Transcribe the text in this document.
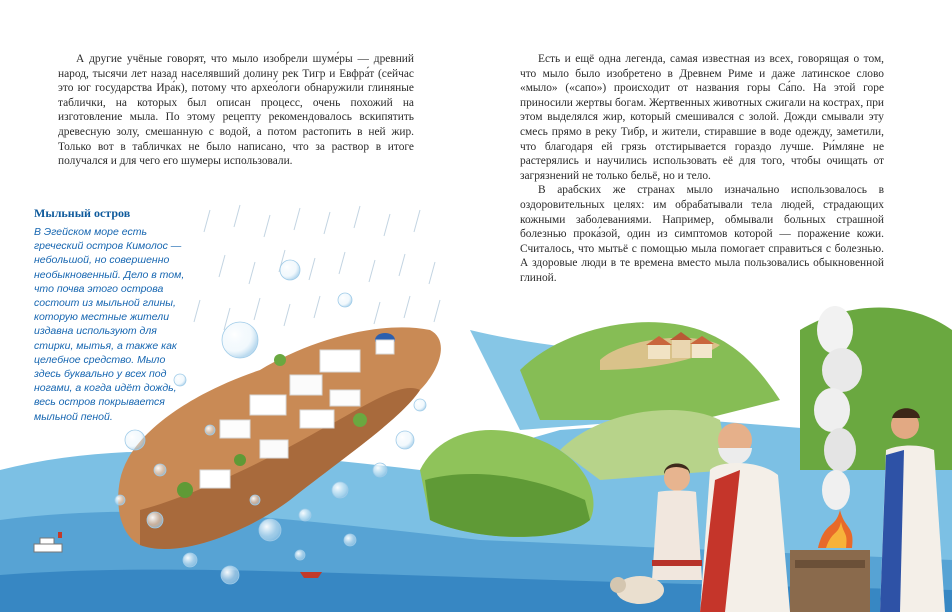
А другие учёные говорят, что мыло изобрели шуме́ры — древний народ, тысячи лет назад населявший долину рек Тигр и Евфра́т (сейчас это юг государства Ира́к), потому что архео́логи обнаружили глиняные таблички, на которых был описан процесс, очень похожий на изготовление мыла. По этому рецепту рекомендовалось вскипятить древесную золу, смешанную с водой, а потом растопить в ней жир. Только вот в табличках не было написано, что за раствор в итоге получался и для чего его шумеры использовали.

Мыльный остров
В Эгейском море есть греческий остров Кимолос — небольшой, но совершенно необыкновенный. Дело в том, что почва этого острова состоит из мыльной глины, которую местные жители издавна используют для стирки, мытья, а также как целебное средство. Мыло здесь буквально у всех под ногами, а когда идёт дождь, весь остров покрывается мыльной пеной.

Есть и ещё одна легенда, самая известная из всех, говорящая о том, что мыло было изобретено в Древнем Риме и даже латинское слово «мыло» («сапо») происходит от названия горы Са́по. На этой горе приносили жертвы богам. Жертвенных животных сжигали на кострах, при этом выделялся жир, который смешивался с золой. Дожди смывали эту смесь прямо в реку Тибр, и жители, стиравшие в воде одежду, заметили, что благодаря ей грязь отстирывается гораздо лучше. Ри́мляне не растерялись и научились использовать её для того, чтобы очищать от загрязнений не только бельё, но и тело.

В арабских же странах мыло изначально использовалось в оздоровительных целях: им обрабатывали тела людей, страдающих кожными заболеваниями. Например, обмывали больных страшной болезнью прока́зой, один из симптомов которой — поражение кожи. Считалось, что мытьё с помощью мыла помогает справиться с болезнью. А здоровые люди в те времена вместо мыла пользовались обыкновенной глиной.
